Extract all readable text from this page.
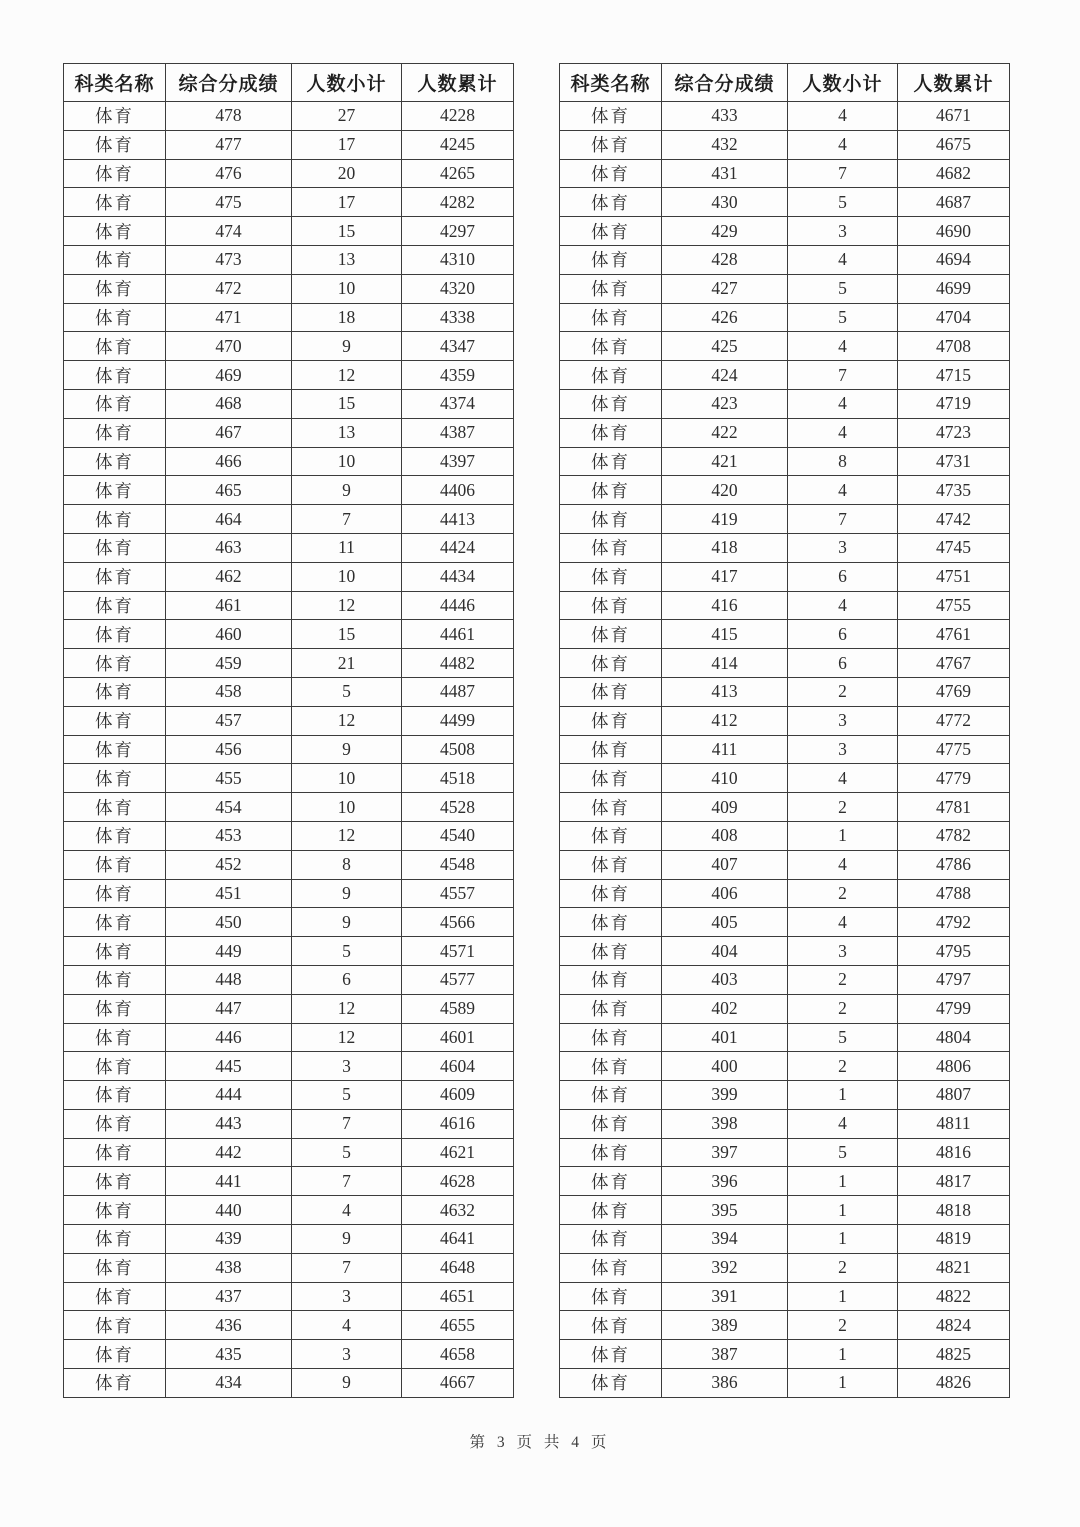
科类名称	综合分成绩	人数小计	人数累计
体育	478	27	4228
体育	477	17	4245
体育	476	20	4265
体育	475	17	4282
体育	474	15	4297
体育	473	13	4310
体育	472	10	4320
体育	471	18	4338
体育	470	9	4347
体育	469	12	4359
体育	468	15	4374
体育	467	13	4387
体育	466	10	4397
体育	465	9	4406
体育	464	7	4413
体育	463	11	4424
体育	462	10	4434
体育	461	12	4446
体育	460	15	4461
体育	459	21	4482
体育	458	5	4487
体育	457	12	4499
体育	456	9	4508
体育	455	10	4518
体育	454	10	4528
体育	453	12	4540
体育	452	8	4548
体育	451	9	4557
体育	450	9	4566
体育	449	5	4571
体育	448	6	4577
体育	447	12	4589
体育	446	12	4601
体育	445	3	4604
体育	444	5	4609
体育	443	7	4616
体育	442	5	4621
体育	441	7	4628
体育	440	4	4632
体育	439	9	4641
体育	438	7	4648
体育	437	3	4651
体育	436	4	4655
体育	435	3	4658
体育	434	9	4667
科类名称	综合分成绩	人数小计	人数累计
体育	433	4	4671
体育	432	4	4675
体育	431	7	4682
体育	430	5	4687
体育	429	3	4690
体育	428	4	4694
体育	427	5	4699
体育	426	5	4704
体育	425	4	4708
体育	424	7	4715
体育	423	4	4719
体育	422	4	4723
体育	421	8	4731
体育	420	4	4735
体育	419	7	4742
体育	418	3	4745
体育	417	6	4751
体育	416	4	4755
体育	415	6	4761
体育	414	6	4767
体育	413	2	4769
体育	412	3	4772
体育	411	3	4775
体育	410	4	4779
体育	409	2	4781
体育	408	1	4782
体育	407	4	4786
体育	406	2	4788
体育	405	4	4792
体育	404	3	4795
体育	403	2	4797
体育	402	2	4799
体育	401	5	4804
体育	400	2	4806
体育	399	1	4807
体育	398	4	4811
体育	397	5	4816
体育	396	1	4817
体育	395	1	4818
体育	394	1	4819
体育	392	2	4821
体育	391	1	4822
体育	389	2	4824
体育	387	1	4825
体育	386	1	4826
第 3 页 共 4 页
